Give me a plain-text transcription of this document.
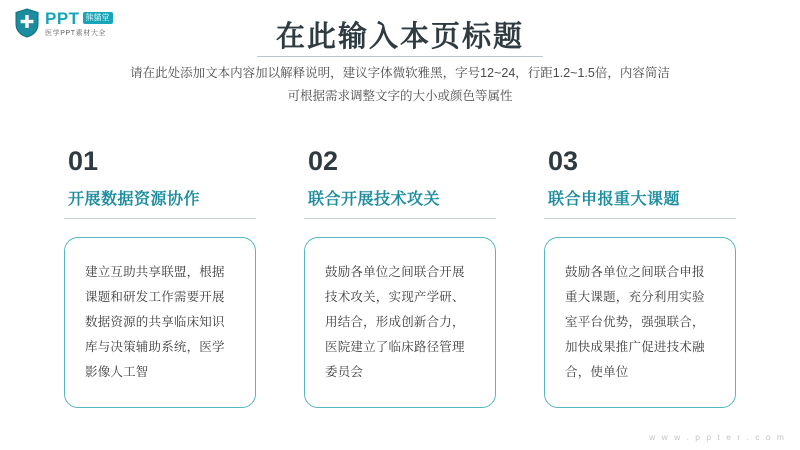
PPT 熊貓堂
医学PPT素材大全	在此输入本页标题
请在此处添加文本内容加以解释说明，建议字体微软雅黑，字号12~24，行距1.2~1.5倍，内容简洁
可根据需求调整文字的大小或颜色等属性
01
开展数据资源协作
建立互助共享联盟，根据课题和研发工作需要开展数据资源的共享临床知识库与决策辅助系统，医学影像人工智
02
联合开展技术攻关
鼓励各单位之间联合开展技术攻关，实现产学研、用结合，形成创新合力，医院建立了临床路径管理委员会
03
联合申报重大课题
鼓励各单位之间联合申报重大课题，充分利用实验室平台优势，强强联合，加快成果推广促进技术融合，使单位
w w w . p p t e r . c o m
